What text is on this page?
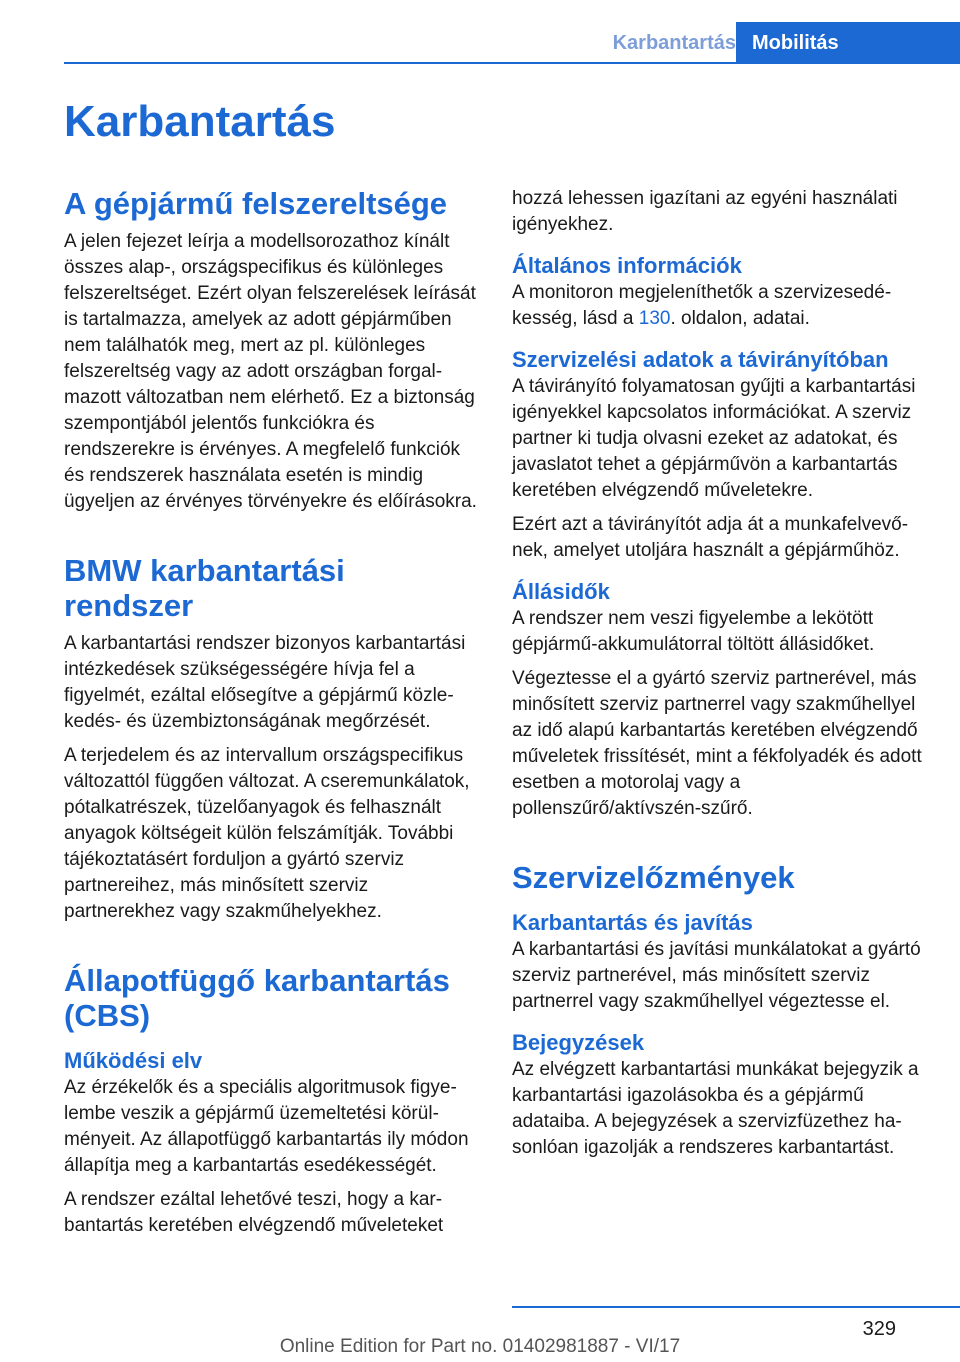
Karbantartás Mobilitás
Karbantartás
A gépjármű felszereltsége

A jelen fejezet leírja a modellsorozathoz kínált összes alap-, országspecifikus és különleges felszereltséget. Ezért olyan felszerelések leírását is tartalmazza, amelyek az adott gépjárműben nem találhatók meg, mert az pl. különleges felszereltség vagy az adott országban forgalmazott változatban nem elérhető. Ez a biztonság szempontjából jelentős funkciókra és rendszerekre is érvényes. A megfelelő funkciók és rendszerek használata esetén is mindig ügyeljen az érvényes törvényekre és előírásokra.

BMW karbantartási rendszer

A karbantartási rendszer bizonyos karbantartási intézkedések szükségességére hívja fel a figyelmét, ezáltal elősegítve a gépjármű közlekedés- és üzembiztonságának megőrzését.

A terjedelem és az intervallum országspecifikus változattól függően változat. A cseremunkálatok, pótalkatrészek, tüzelőanyagok és felhasznált anyagok költségeit külön felszámítják. További tájékoztatásért forduljon a gyártó szerviz partnereihez, más minősített szerviz partnerekhez vagy szakműhelyekhez.

Állapotfüggő karbantartás (CBS)
Működési elv

Az érzékelők és a speciális algoritmusok figyelembe veszik a gépjármű üzemeltetési körülményeit. Az állapotfüggő karbantartás ily módon állapítja meg a karbantartás esedékességét.

A rendszer ezáltal lehetővé teszi, hogy a karbantartás keretében elvégzendő műveleteket

hozzá lehessen igazítani az egyéni használati igényekhez.

Általános információk

A monitoron megjeleníthetők a szervizesedékesség, lásd a 130. oldalon, adatai.

Szervizelési adatok a távirányítóban

A távirányító folyamatosan gyűjti a karbantartási igényekkel kapcsolatos információkat. A szerviz partner ki tudja olvasni ezeket az adatokat, és javaslatot tehet a gépjárművön a karbantartás keretében elvégzendő műveletekre.

Ezért azt a távirányítót adja át a munkafelvevőnek, amelyet utoljára használt a gépjárműhöz.

Állásidők

A rendszer nem veszi figyelembe a lekötött gépjármű-akkumulátorral töltött állásidőket.

Végeztesse el a gyártó szerviz partnerével, más minősített szerviz partnerrel vagy szakműhellyel az idő alapú karbantartás keretében elvégzendő műveletek frissítését, mint a fékfolyadék és adott esetben a motorolaj vagy a pollenszűrő/aktívszén-szűrő.

Szervizelőzmények
Karbantartás és javítás

A karbantartási és javítási munkálatokat a gyártó szerviz partnerével, más minősített szerviz partnerrel vagy szakműhellyel végeztesse el.

Bejegyzések

Az elvégzett karbantartási munkákat bejegyzik a karbantartási igazolásokba és a gépjármű adataiba. A bejegyzések a szervizfüzethez hasonlóan igazolják a rendszeres karbantartást.

329
Online Edition for Part no. 01402981887 - VI/17
